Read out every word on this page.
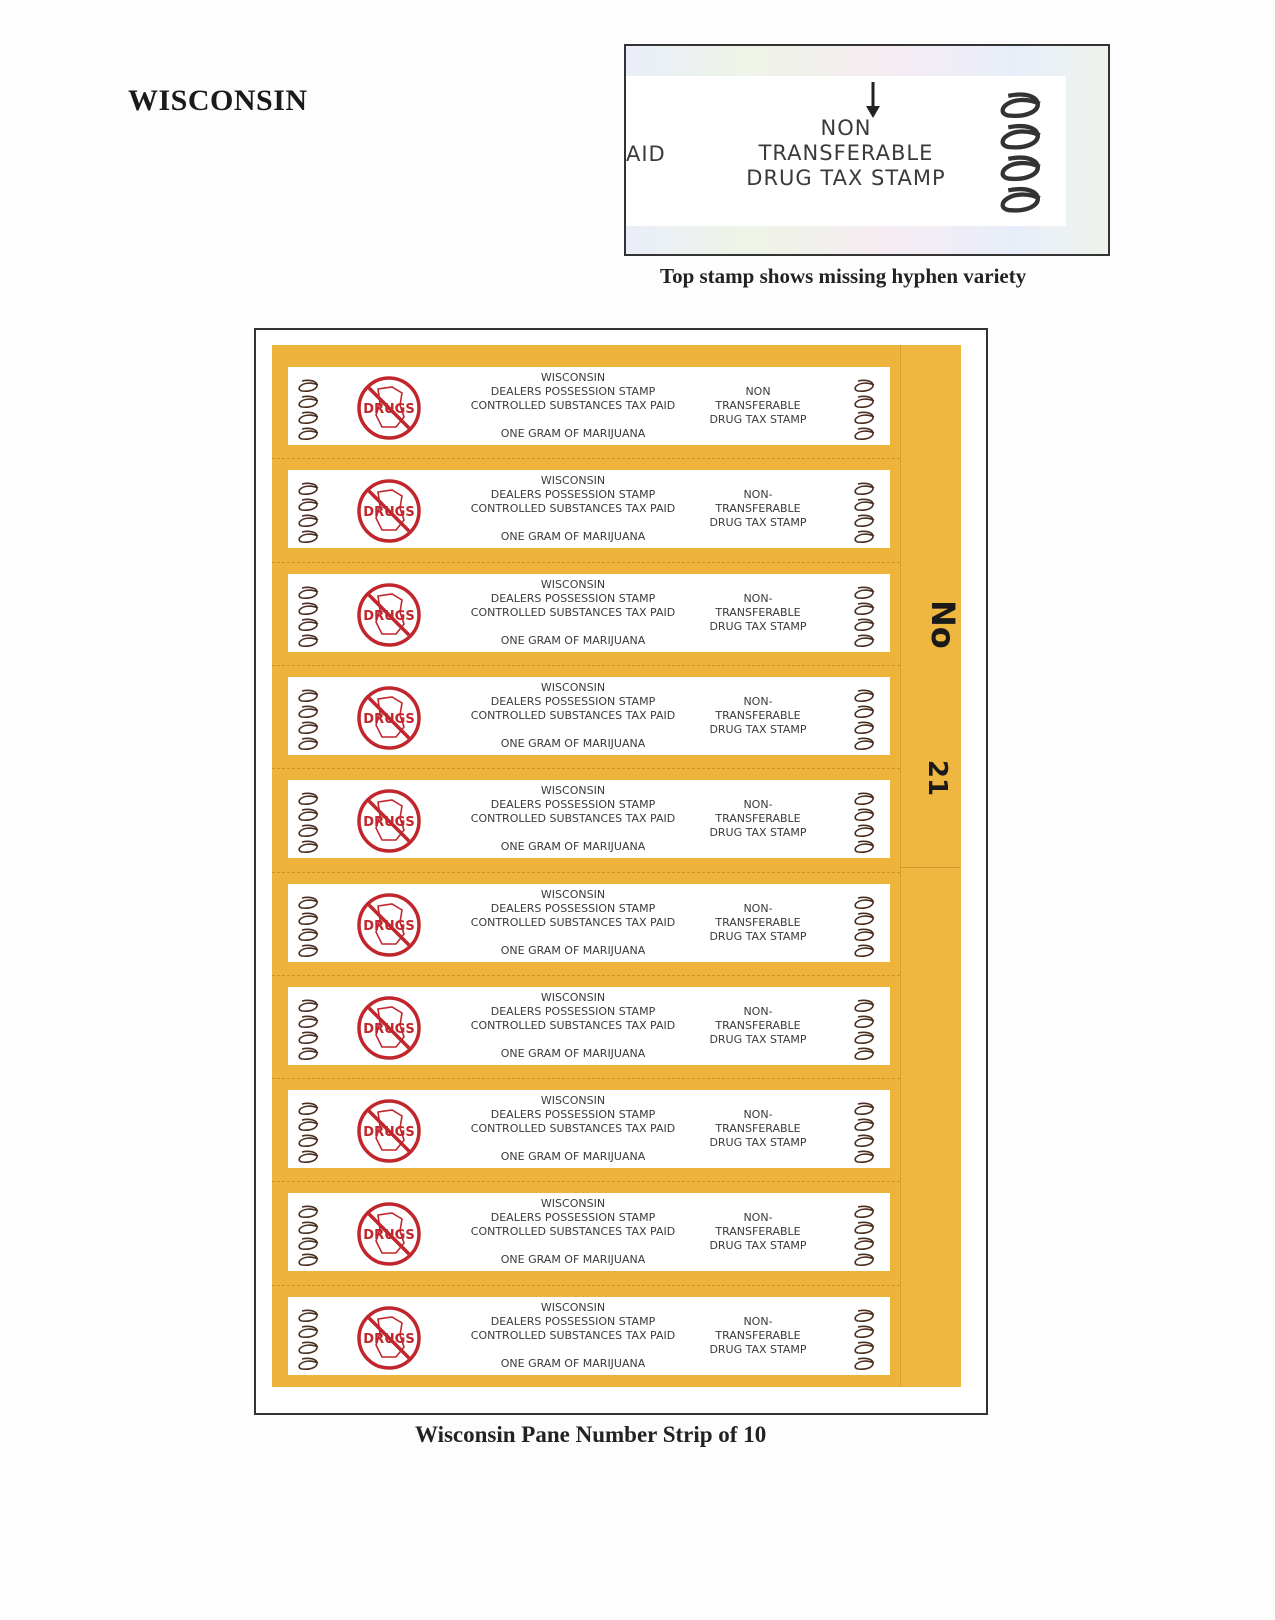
WISCONSIN
AID
NON
TRANSFERABLE
DRUG TAX STAMP
Top stamp shows missing hyphen variety
No
21
DRUGS
WISCONSIN
DEALERS POSSESSION STAMP
CONTROLLED SUBSTANCES TAX PAID
ONE GRAM OF MARIJUANA
NON
TRANSFERABLE
DRUG TAX STAMP
DRUGS
WISCONSIN
DEALERS POSSESSION STAMP
CONTROLLED SUBSTANCES TAX PAID
ONE GRAM OF MARIJUANA
NON-
TRANSFERABLE
DRUG TAX STAMP
DRUGS
WISCONSIN
DEALERS POSSESSION STAMP
CONTROLLED SUBSTANCES TAX PAID
ONE GRAM OF MARIJUANA
NON-
TRANSFERABLE
DRUG TAX STAMP
DRUGS
WISCONSIN
DEALERS POSSESSION STAMP
CONTROLLED SUBSTANCES TAX PAID
ONE GRAM OF MARIJUANA
NON-
TRANSFERABLE
DRUG TAX STAMP
DRUGS
WISCONSIN
DEALERS POSSESSION STAMP
CONTROLLED SUBSTANCES TAX PAID
ONE GRAM OF MARIJUANA
NON-
TRANSFERABLE
DRUG TAX STAMP
DRUGS
WISCONSIN
DEALERS POSSESSION STAMP
CONTROLLED SUBSTANCES TAX PAID
ONE GRAM OF MARIJUANA
NON-
TRANSFERABLE
DRUG TAX STAMP
DRUGS
WISCONSIN
DEALERS POSSESSION STAMP
CONTROLLED SUBSTANCES TAX PAID
ONE GRAM OF MARIJUANA
NON-
TRANSFERABLE
DRUG TAX STAMP
DRUGS
WISCONSIN
DEALERS POSSESSION STAMP
CONTROLLED SUBSTANCES TAX PAID
ONE GRAM OF MARIJUANA
NON-
TRANSFERABLE
DRUG TAX STAMP
DRUGS
WISCONSIN
DEALERS POSSESSION STAMP
CONTROLLED SUBSTANCES TAX PAID
ONE GRAM OF MARIJUANA
NON-
TRANSFERABLE
DRUG TAX STAMP
DRUGS
WISCONSIN
DEALERS POSSESSION STAMP
CONTROLLED SUBSTANCES TAX PAID
ONE GRAM OF MARIJUANA
NON-
TRANSFERABLE
DRUG TAX STAMP
Wisconsin Pane Number Strip of 10
